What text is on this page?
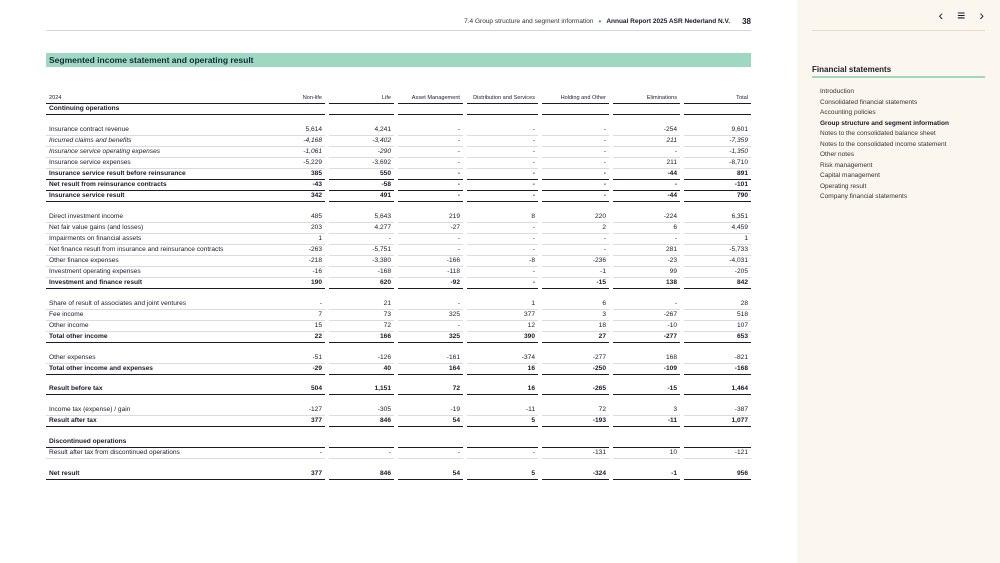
7.4 Group structure and segment information • Annual Report 2025 ASR Nederland N.V. 38
Segmented income statement and operating result
2024	Non-life		Life		Asset Management		Distribution and Services		Holding and Other		Eliminations		Total
Continuing operations													

Insurance contract revenue	5,614		4,241		-		-		-		-254		9,601
Incurred claims and benefits	-4,168		-3,402		-		-		-		211		-7,359
Insurance service operating expenses	-1,061		-290		-		-		-		-		-1,350
Insurance service expenses	-5,229		-3,692		-		-		-		211		-8,710
Insurance service result before reinsurance	385		550		-		-		-		-44		891
Net result from reinsurance contracts	-43		-58		-		-		-		-		-101
Insurance service result	342		491		-		-		-		-44		790

Direct investment income	485		5,643		219		8		220		-224		6,351
Net fair value gains (and losses)	203		4,277		-27		-		2		6		4,459
Impairments on financial assets	1		-		-		-		-		-		1
Net finance result from insurance and reinsurance contracts	-263		-5,751		-		-		-		281		-5,733
Other finance expenses	-218		-3,380		-166		-8		-236		-23		-4,031
Investment operating expenses	-16		-168		-118		-		-1		99		-205
Investment and finance result	190		620		-92		-		-15		138		842

Share of result of associates and joint ventures	-		21		-		1		6		-		28
Fee income	7		73		325		377		3		-267		518
Other income	15		72		-		12		18		-10		107
Total other income	22		166		325		390		27		-277		653

Other expenses	-51		-126		-161		-374		-277		168		-821
Total other income and expenses	-29		40		164		16		-250		-109		-168

Result before tax	504		1,151		72		16		-265		-15		1,464

Income tax (expense) / gain	-127		-305		-19		-11		72		3		-387
Result after tax	377		846		54		5		-193		-11		1,077

Discontinued operations													
Result after tax from discontinued operations	-		-		-		-		-131		10		-121

Net result	377		846		54		5		-324		-1		956
‹ ≡ ›
Financial statements
Introduction
Consolidated financial statements
Accounting policies
Group structure and segment information
Notes to the consolidated balance sheet
Notes to the consolidated income statement
Other notes
Risk management
Capital management
Operating result
Company financial statements
